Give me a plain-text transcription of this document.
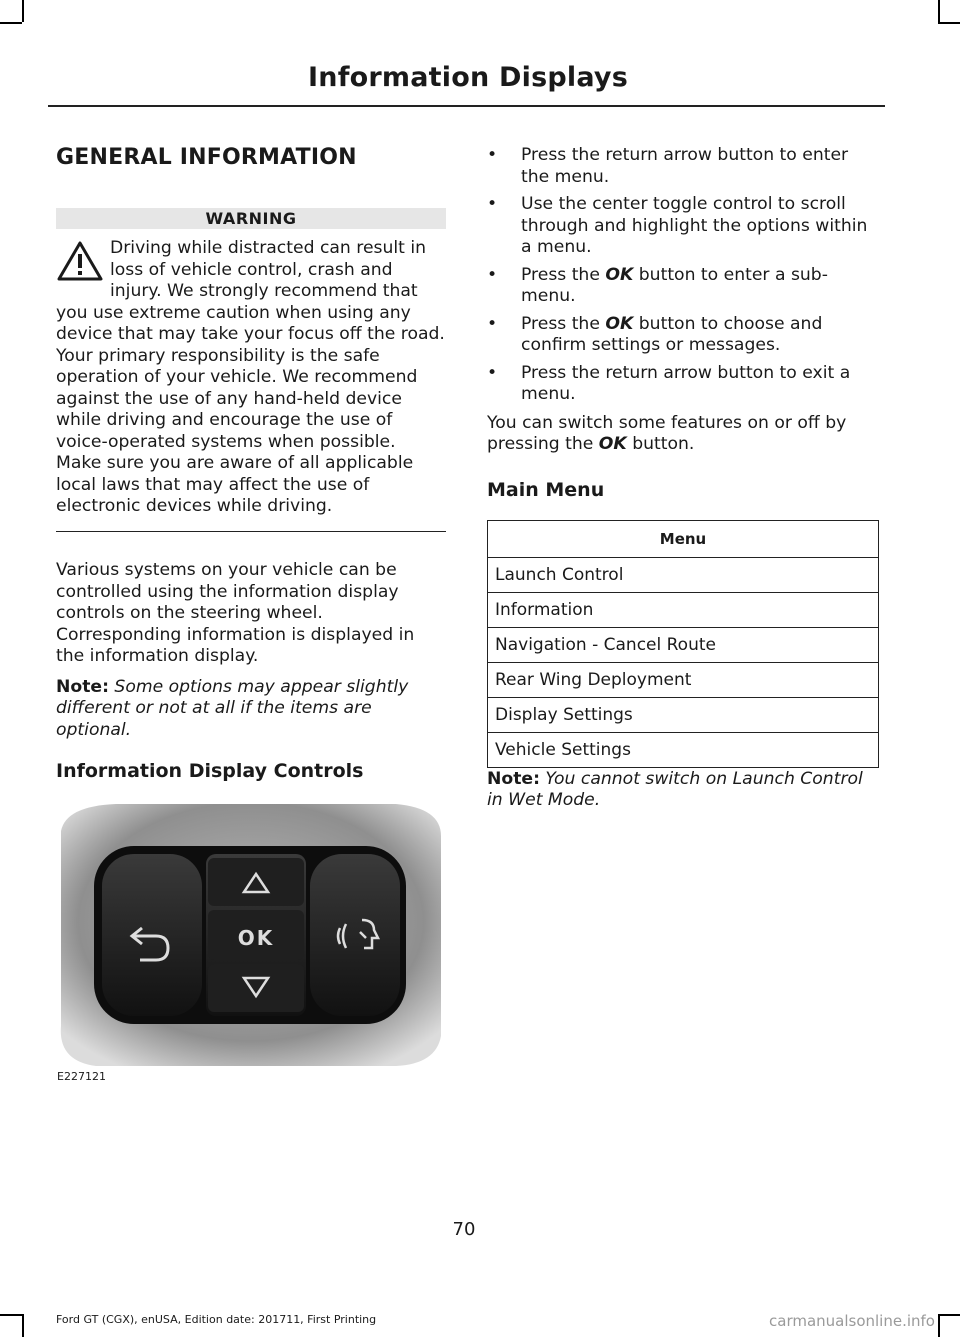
Information Displays
GENERAL INFORMATION
WARNING
Driving while distracted can result in loss of vehicle control, crash and injury. We strongly recommend that you use extreme caution when using any device that may take your focus off the road. Your primary responsibility is the safe operation of your vehicle. We recommend against the use of any hand-held device while driving and encourage the use of voice-operated systems when possible. Make sure you are aware of all applicable local laws that may affect the use of electronic devices while driving.

Various systems on your vehicle can be controlled using the information display controls on the steering wheel. Corresponding information is displayed in the information display.

Note: Some options may appear slightly different or not at all if the items are optional.

Information Display Controls
OK
E227121
• Press the return arrow button to enter the menu.
• Use the center toggle control to scroll through and highlight the options within a menu.
• Press the OK button to enter a sub-menu.
• Press the OK button to choose and confirm settings or messages.
• Press the return arrow button to exit a menu.

You can switch some features on or off by pressing the OK button.

Main Menu
Menu
Launch Control
Information
Navigation - Cancel Route
Rear Wing Deployment
Display Settings
Vehicle Settings

Note: You cannot switch on Launch Control in Wet Mode.

70
Ford GT (CGX), enUSA, Edition date: 201711, First Printing	carmanualsonline.info
